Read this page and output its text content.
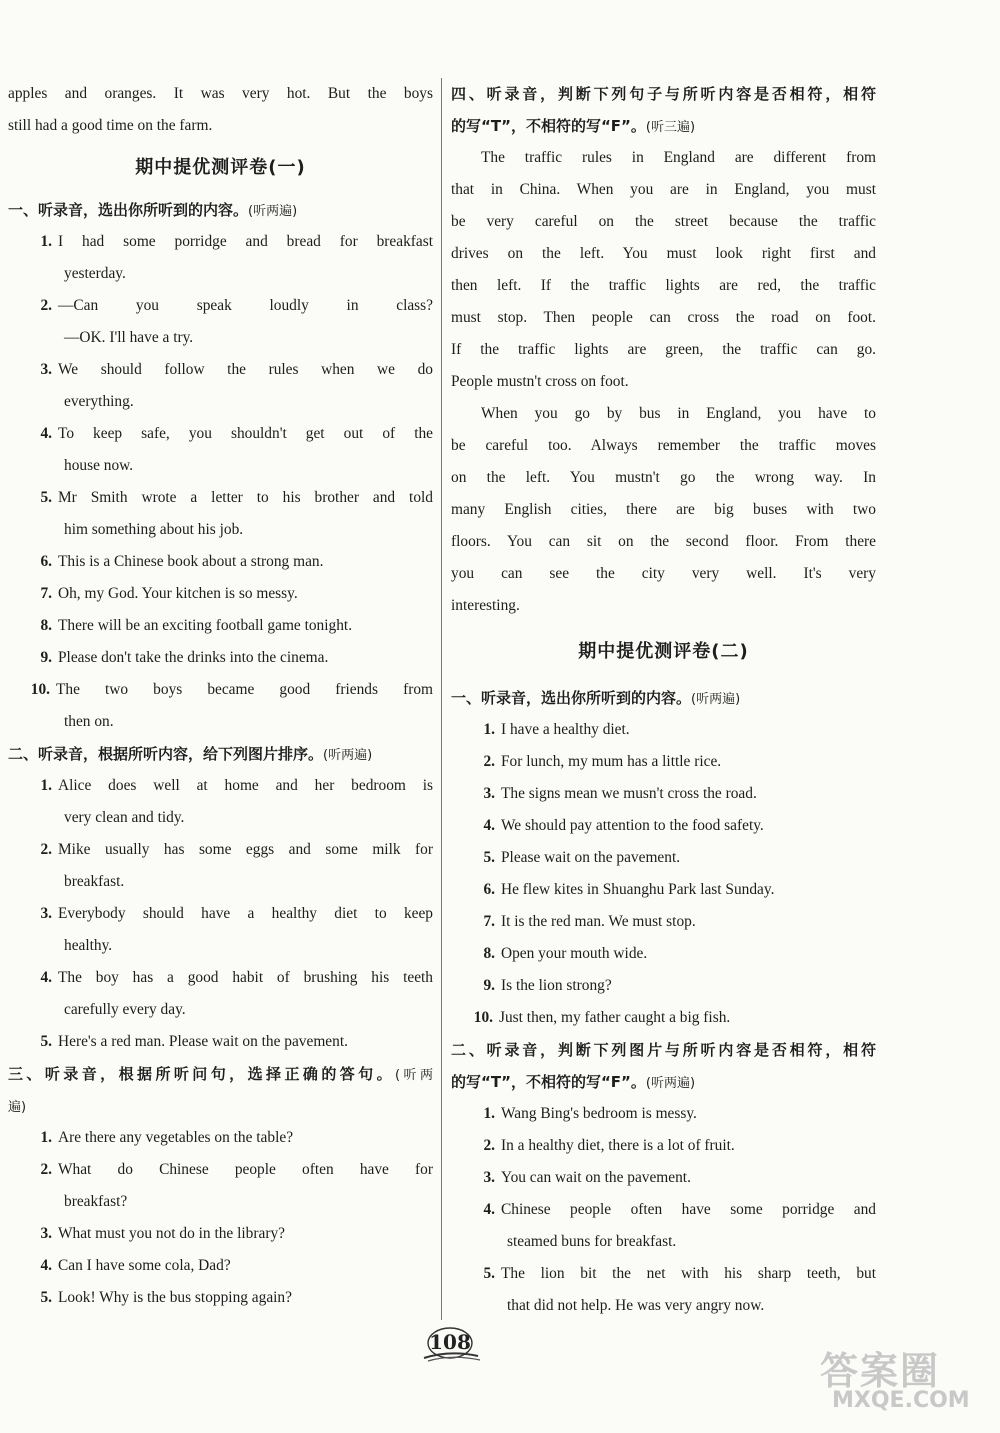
apples and oranges. It was very hot. But the boys
still had a good time on the farm.
期中提优测评卷(一)
一、听录音，选出你所听到的内容。(听两遍)
1. I had some porridge and bread for breakfast
yesterday.
2. —Can you speak loudly in class?
—OK. I'll have a try.
3. We should follow the rules when we do
everything.
4. To keep safe, you shouldn't get out of the
house now.
5. Mr Smith wrote a letter to his brother and told
him something about his job.
6. This is a Chinese book about a strong man.
7. Oh, my God. Your kitchen is so messy.
8. There will be an exciting football game tonight.
9. Please don't take the drinks into the cinema.
10. The two boys became good friends from
then on.
二、听录音，根据所听内容，给下列图片排序。(听两遍)
1. Alice does well at home and her bedroom is
very clean and tidy.
2. Mike usually has some eggs and some milk for
breakfast.
3. Everybody should have a healthy diet to keep
healthy.
4. The boy has a good habit of brushing his teeth
carefully every day.
5. Here's a red man. Please wait on the pavement.
三、听录音，根据所听问句，选择正确的答句。(听两
遍)
1. Are there any vegetables on the table?
2. What do Chinese people often have for
breakfast?
3. What must you not do in the library?
4. Can I have some cola, Dad?
5. Look! Why is the bus stopping again?
四、听录音，判断下列句子与所听内容是否相符，相符
的写“T”，不相符的写“F”。(听三遍)
The traffic rules in England are different from
that in China. When you are in England, you must
be very careful on the street because the traffic
drives on the left. You must look right first and
then left. If the traffic lights are red, the traffic
must stop. Then people can cross the road on foot.
If the traffic lights are green, the traffic can go.
People mustn't cross on foot.
When you go by bus in England, you have to
be careful too. Always remember the traffic moves
on the left. You mustn't go the wrong way. In
many English cities, there are big buses with two
floors. You can sit on the second floor. From there
you can see the city very well. It's very
interesting.
期中提优测评卷(二)
一、听录音，选出你所听到的内容。(听两遍)
1. I have a healthy diet.
2. For lunch, my mum has a little rice.
3. The signs mean we musn't cross the road.
4. We should pay attention to the food safety.
5. Please wait on the pavement.
6. He flew kites in Shuanghu Park last Sunday.
7. It is the red man. We must stop.
8. Open your mouth wide.
9. Is the lion strong?
10. Just then, my father caught a big fish.
二、听录音，判断下列图片与所听内容是否相符，相符
的写“T”，不相符的写“F”。(听两遍)
1. Wang Bing's bedroom is messy.
2. In a healthy diet, there is a lot of fruit.
3. You can wait on the pavement.
4. Chinese people often have some porridge and
steamed buns for breakfast.
5. The lion bit the net with his sharp teeth, but
that did not help. He was very angry now.
108
答案圈
MXQE.COM
